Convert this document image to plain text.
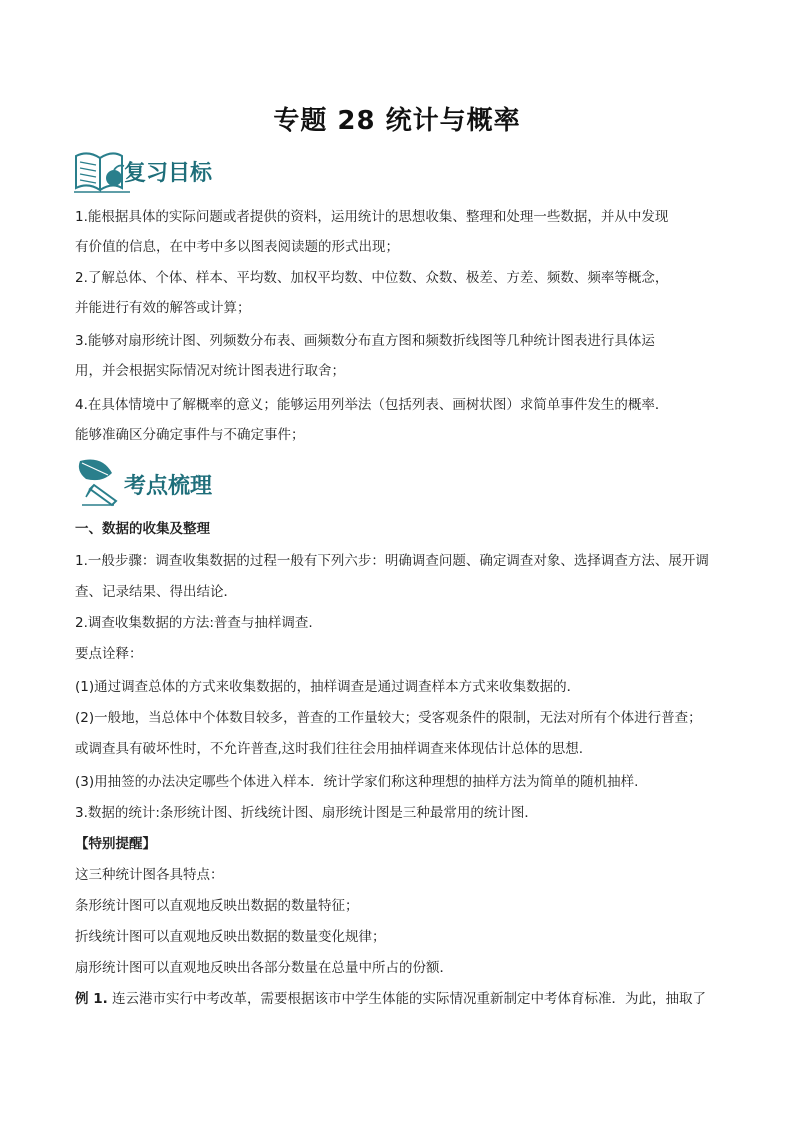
专题 28 统计与概率
复习目标
1.能根据具体的实际问题或者提供的资料，运用统计的思想收集、整理和处理一些数据，并从中发现
有价值的信息，在中考中多以图表阅读题的形式出现；
2.了解总体、个体、样本、平均数、加权平均数、中位数、众数、极差、方差、频数、频率等概念，
并能进行有效的解答或计算；
3.能够对扇形统计图、列频数分布表、画频数分布直方图和频数折线图等几种统计图表进行具体运
用，并会根据实际情况对统计图表进行取舍；
4.在具体情境中了解概率的意义；能够运用列举法（包括列表、画树状图）求简单事件发生的概率．
能够准确区分确定事件与不确定事件；
考点梳理
一、数据的收集及整理
1.一般步骤：调查收集数据的过程一般有下列六步：明确调查问题、确定调查对象、选择调查方法、展开调
查、记录结果、得出结论．
2.调查收集数据的方法:普查与抽样调查.
要点诠释：
(1)通过调查总体的方式来收集数据的，抽样调查是通过调查样本方式来收集数据的．
(2)一般地，当总体中个体数目较多，普查的工作量较大；受客观条件的限制，无法对所有个体进行普查；
或调查具有破坏性时，不允许普查,这时我们往往会用抽样调查来体现估计总体的思想.
(3)用抽签的办法决定哪些个体进入样本．统计学家们称这种理想的抽样方法为简单的随机抽样.
3.数据的统计:条形统计图、折线统计图、扇形统计图是三种最常用的统计图．
【特别提醒】
这三种统计图各具特点：
条形统计图可以直观地反映出数据的数量特征；
折线统计图可以直观地反映出数据的数量变化规律；
扇形统计图可以直观地反映出各部分数量在总量中所占的份额．
例 1. 连云港市实行中考改革，需要根据该市中学生体能的实际情况重新制定中考体育标准．为此，抽取了
